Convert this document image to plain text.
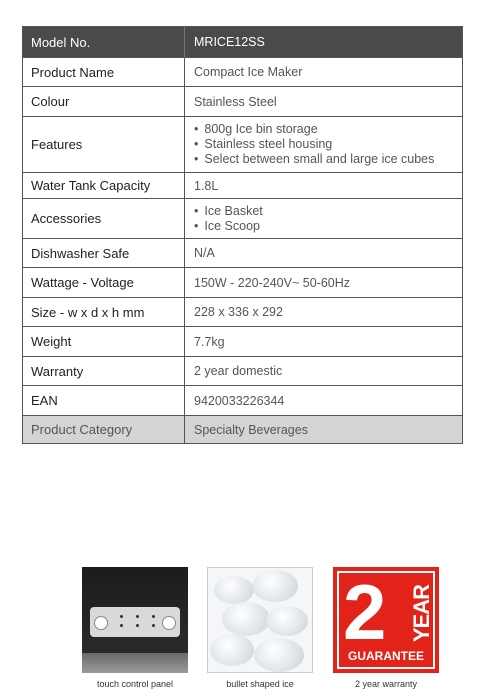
Model No.	MRICE12SS
Product Name	Compact Ice Maker
Colour	Stainless Steel
Features
• 800g Ice bin storage
• Stainless steel housing
• Select between small and large ice cubes
Water Tank Capacity	1.8L
Accessories
• Ice Basket
• Ice Scoop
Dishwasher Safe	N/A
Wattage - Voltage	150W - 220-240V~ 50-60Hz
Size - w x d x h mm	228 x 336 x 292
Weight	7.7kg
Warranty	2 year domestic
EAN	9420033226344
Product Category	Specialty Beverages
touch control panel	bullet shaped ice
2 YEAR
GUARANTEE
2 year warranty
